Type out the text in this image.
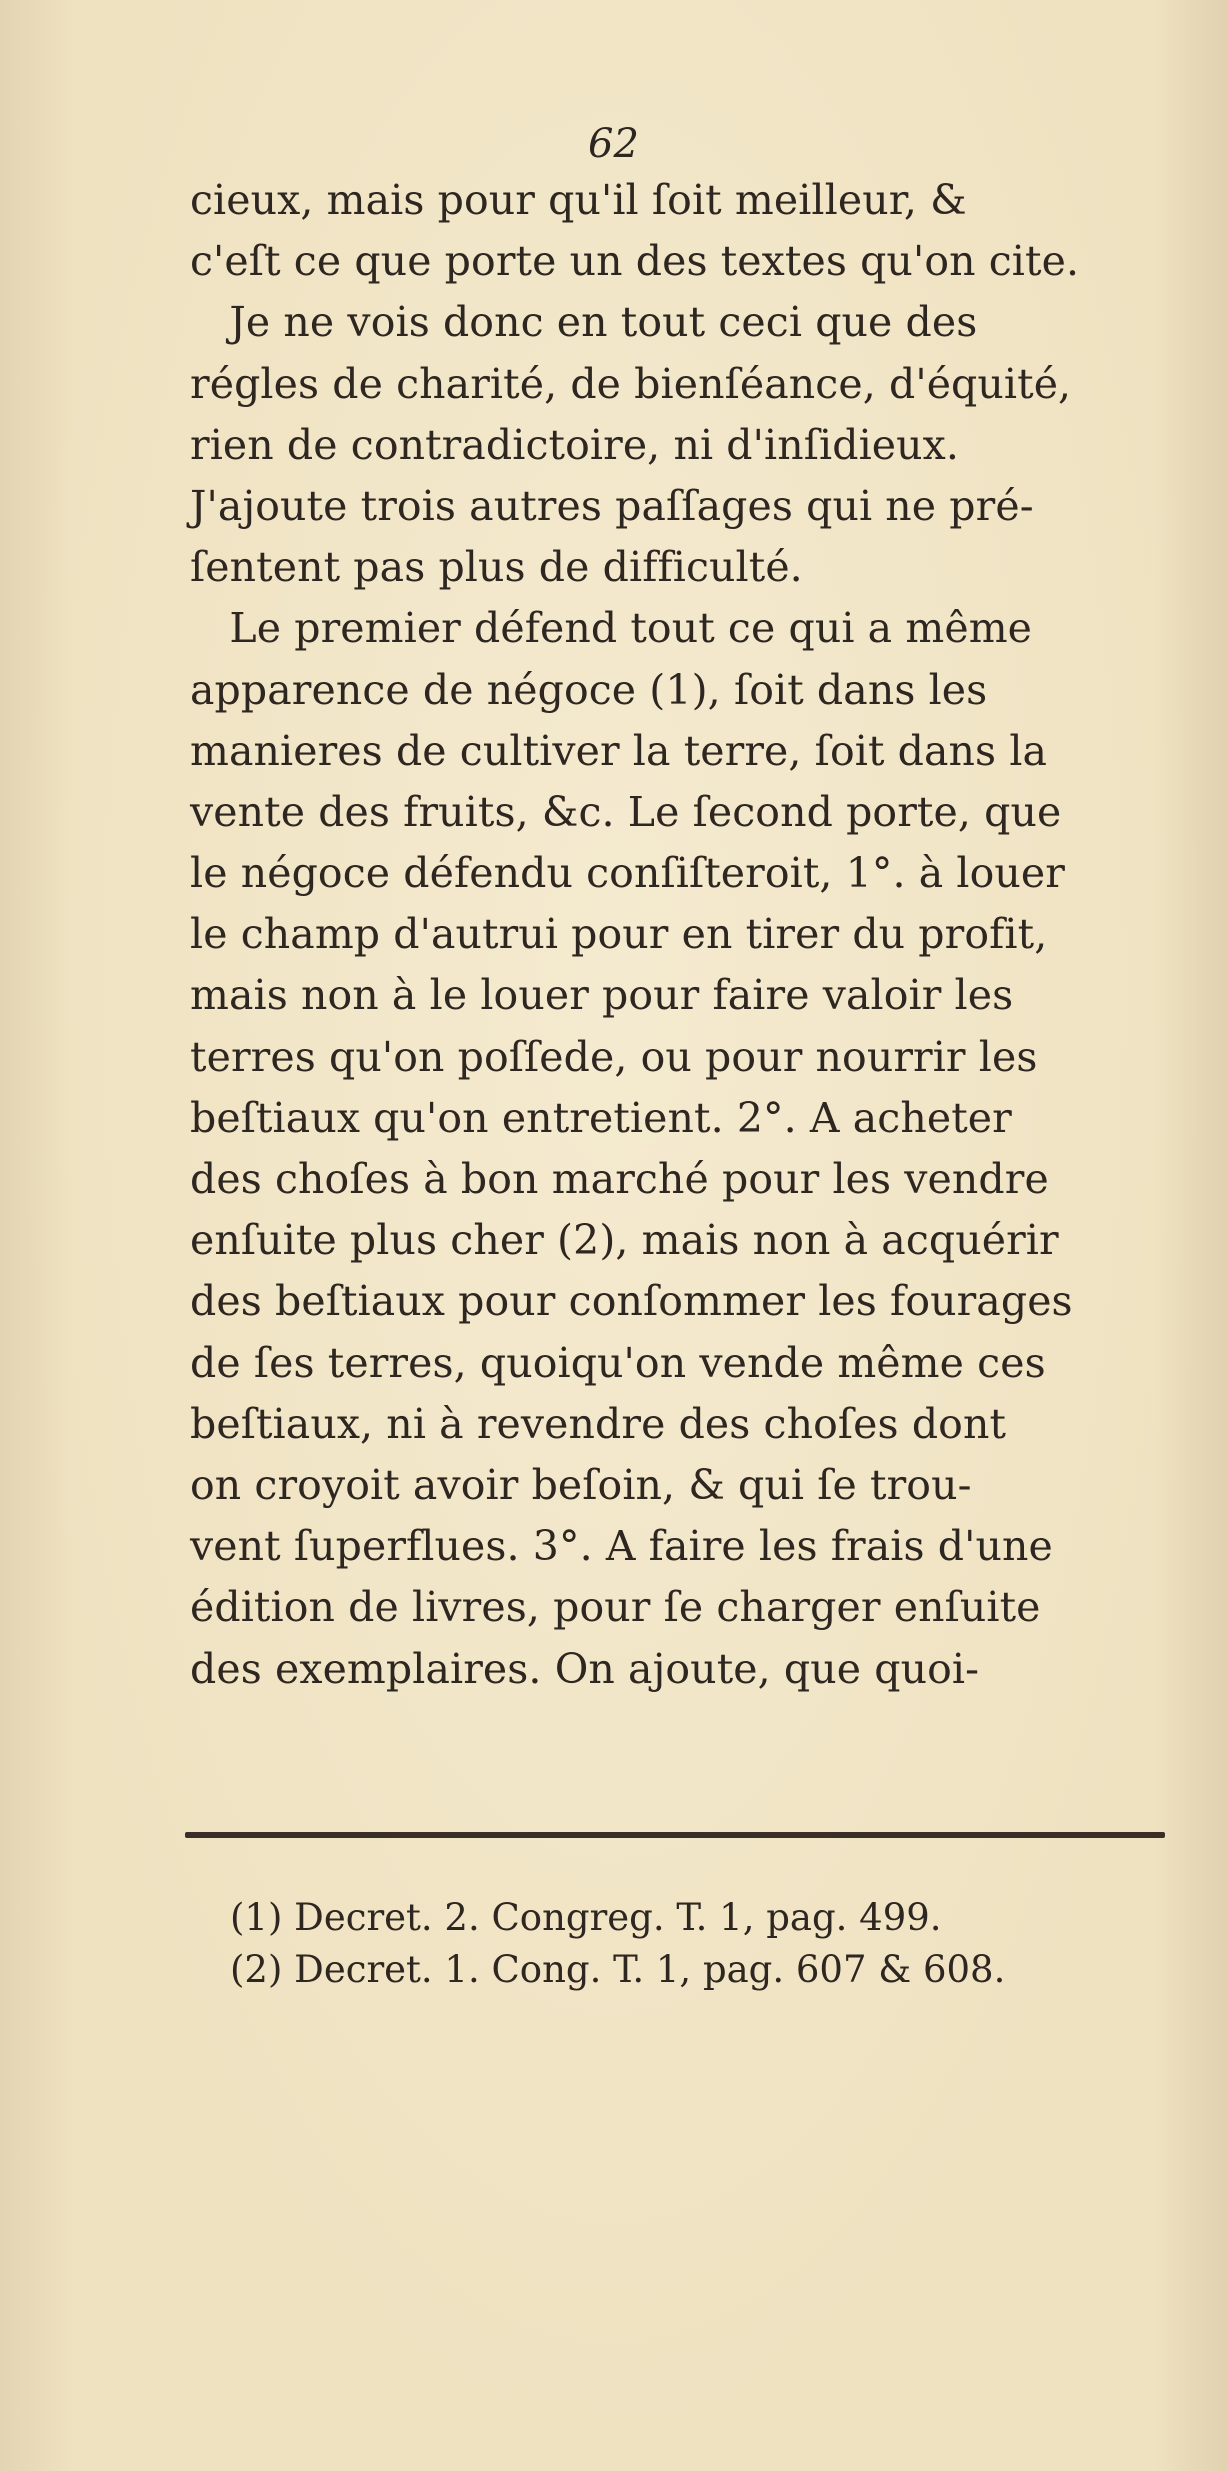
62
cieux, mais pour qu'il ſoit meilleur, &
c'eſt ce que porte un des textes qu'on cite.
Je ne vois donc en tout ceci que des
régles de charité, de bienſéance, d'équité,
rien de contradictoire, ni d'inſidieux.
J'ajoute trois autres paſſages qui ne pré-
ſentent pas plus de difficulté.
Le premier défend tout ce qui a même
apparence de négoce (1), ſoit dans les
manieres de cultiver la terre, ſoit dans la
vente des fruits, &c. Le ſecond porte, que
le négoce défendu conſiſteroit, 1°. à louer
le champ d'autrui pour en tirer du profit,
mais non à le louer pour faire valoir les
terres qu'on poſſede, ou pour nourrir les
beſtiaux qu'on entretient. 2°. A acheter
des choſes à bon marché pour les vendre
enſuite plus cher (2), mais non à acquérir
des beſtiaux pour conſommer les fourages
de ſes terres, quoiqu'on vende même ces
beſtiaux, ni à revendre des choſes dont
on croyoit avoir beſoin, & qui ſe trou-
vent ſuperflues. 3°. A faire les frais d'une
édition de livres, pour ſe charger enſuite
des exemplaires. On ajoute, que quoi-
(1) Decret. 2. Congreg. T. 1, pag. 499.
(2) Decret. 1. Cong. T. 1, pag. 607 & 608.
